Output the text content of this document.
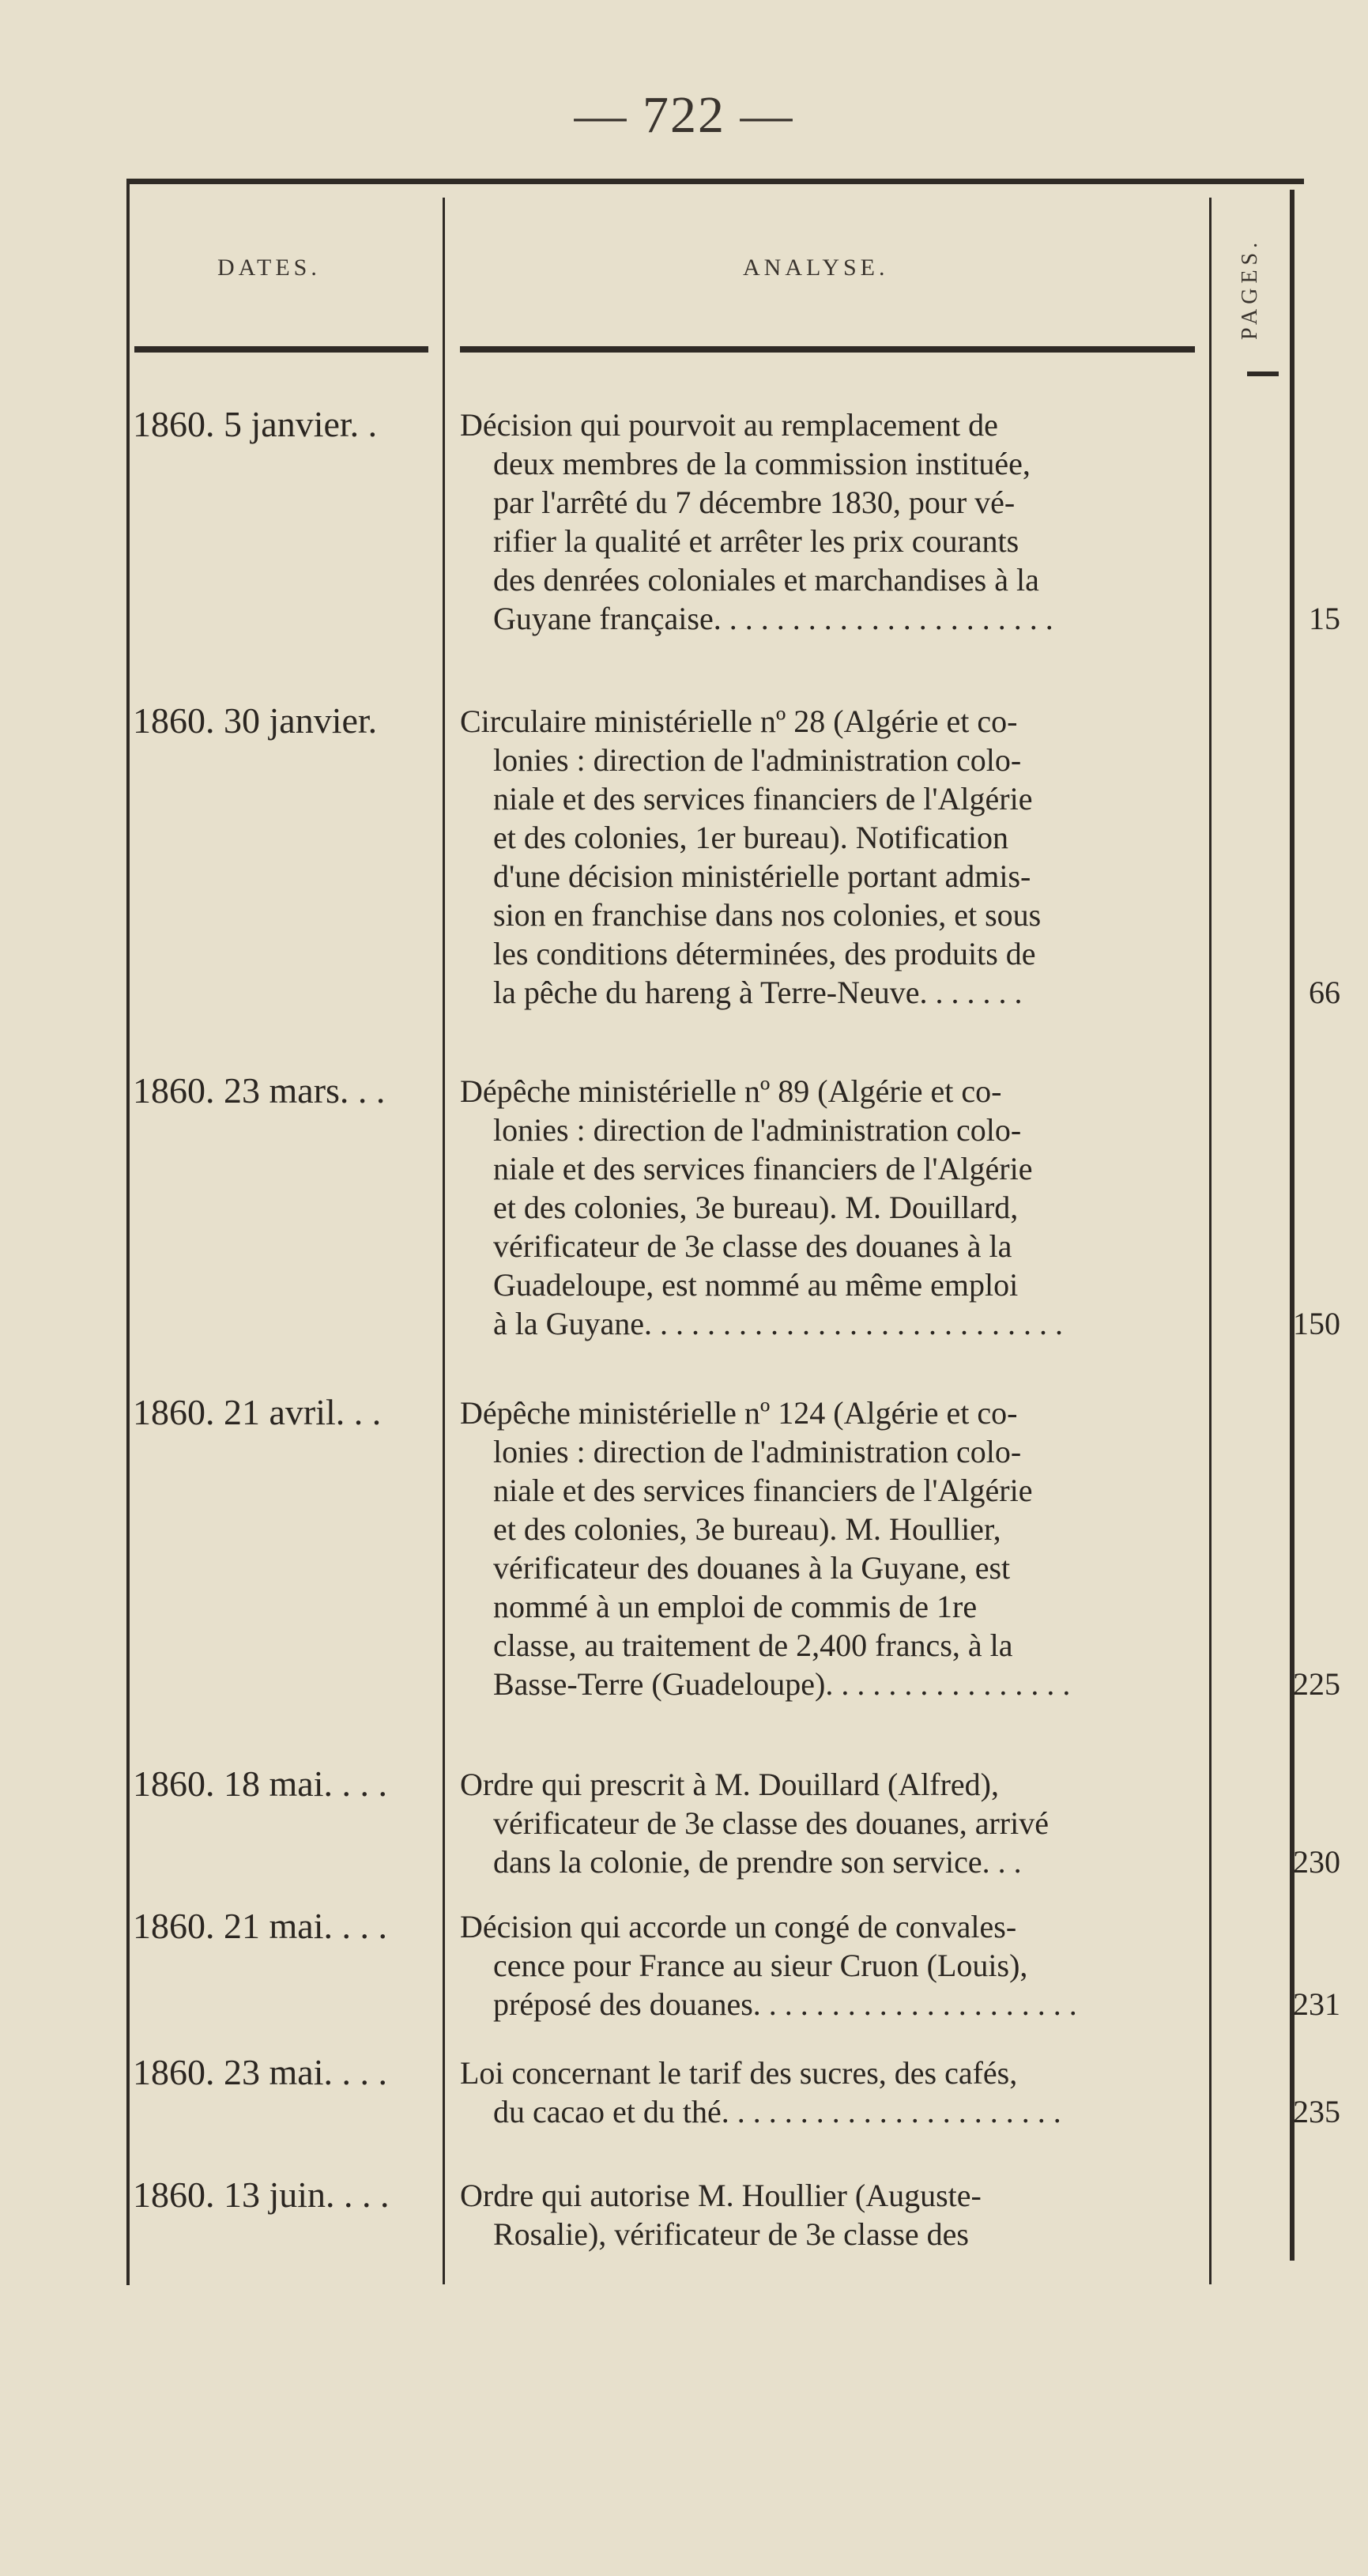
— 722 —
DATES.	ANALYSE.	PAGES.
1860. 5 janvier. .	Décision qui pourvoit au remplacement de
deux membres de la commission instituée,
par l'arrêté du 7 décembre 1830, pour vé-
rifier la qualité et arrêter les prix courants
des denrées coloniales et marchandises à la
Guyane française. . . . . . . . . . . . . . . . . . . . . .	15
1860. 30 janvier.	Circulaire ministérielle nº 28 (Algérie et co-
lonies : direction de l'administration colo-
niale et des services financiers de l'Algérie
et des colonies, 1er bureau). Notification
d'une décision ministérielle portant admis-
sion en franchise dans nos colonies, et sous
les conditions déterminées, des produits de
la pêche du hareng à Terre-Neuve. . . . . . .	66
1860. 23 mars. . .	Dépêche ministérielle nº 89 (Algérie et co-
lonies : direction de l'administration colo-
niale et des services financiers de l'Algérie
et des colonies, 3e bureau). M. Douillard,
vérificateur de 3e classe des douanes à la
Guadeloupe, est nommé au même emploi
à la Guyane. . . . . . . . . . . . . . . . . . . . . . . . . . .	150
1860. 21 avril. . .	Dépêche ministérielle nº 124 (Algérie et co-
lonies : direction de l'administration colo-
niale et des services financiers de l'Algérie
et des colonies, 3e bureau). M. Houllier,
vérificateur des douanes à la Guyane, est
nommé à un emploi de commis de 1re
classe, au traitement de 2,400 francs, à la
Basse-Terre (Guadeloupe). . . . . . . . . . . . . . . .	225
1860. 18 mai. . . .	Ordre qui prescrit à M. Douillard (Alfred),
vérificateur de 3e classe des douanes, arrivé
dans la colonie, de prendre son service. . .	230
1860. 21 mai. . . .	Décision qui accorde un congé de convales-
cence pour France au sieur Cruon (Louis),
préposé des douanes. . . . . . . . . . . . . . . . . . . . .	231
1860. 23 mai. . . .	Loi concernant le tarif des sucres, des cafés,
du cacao et du thé. . . . . . . . . . . . . . . . . . . . . .	235
1860. 13 juin. . . .	Ordre qui autorise M. Houllier (Auguste-
Rosalie), vérificateur de 3e classe des
